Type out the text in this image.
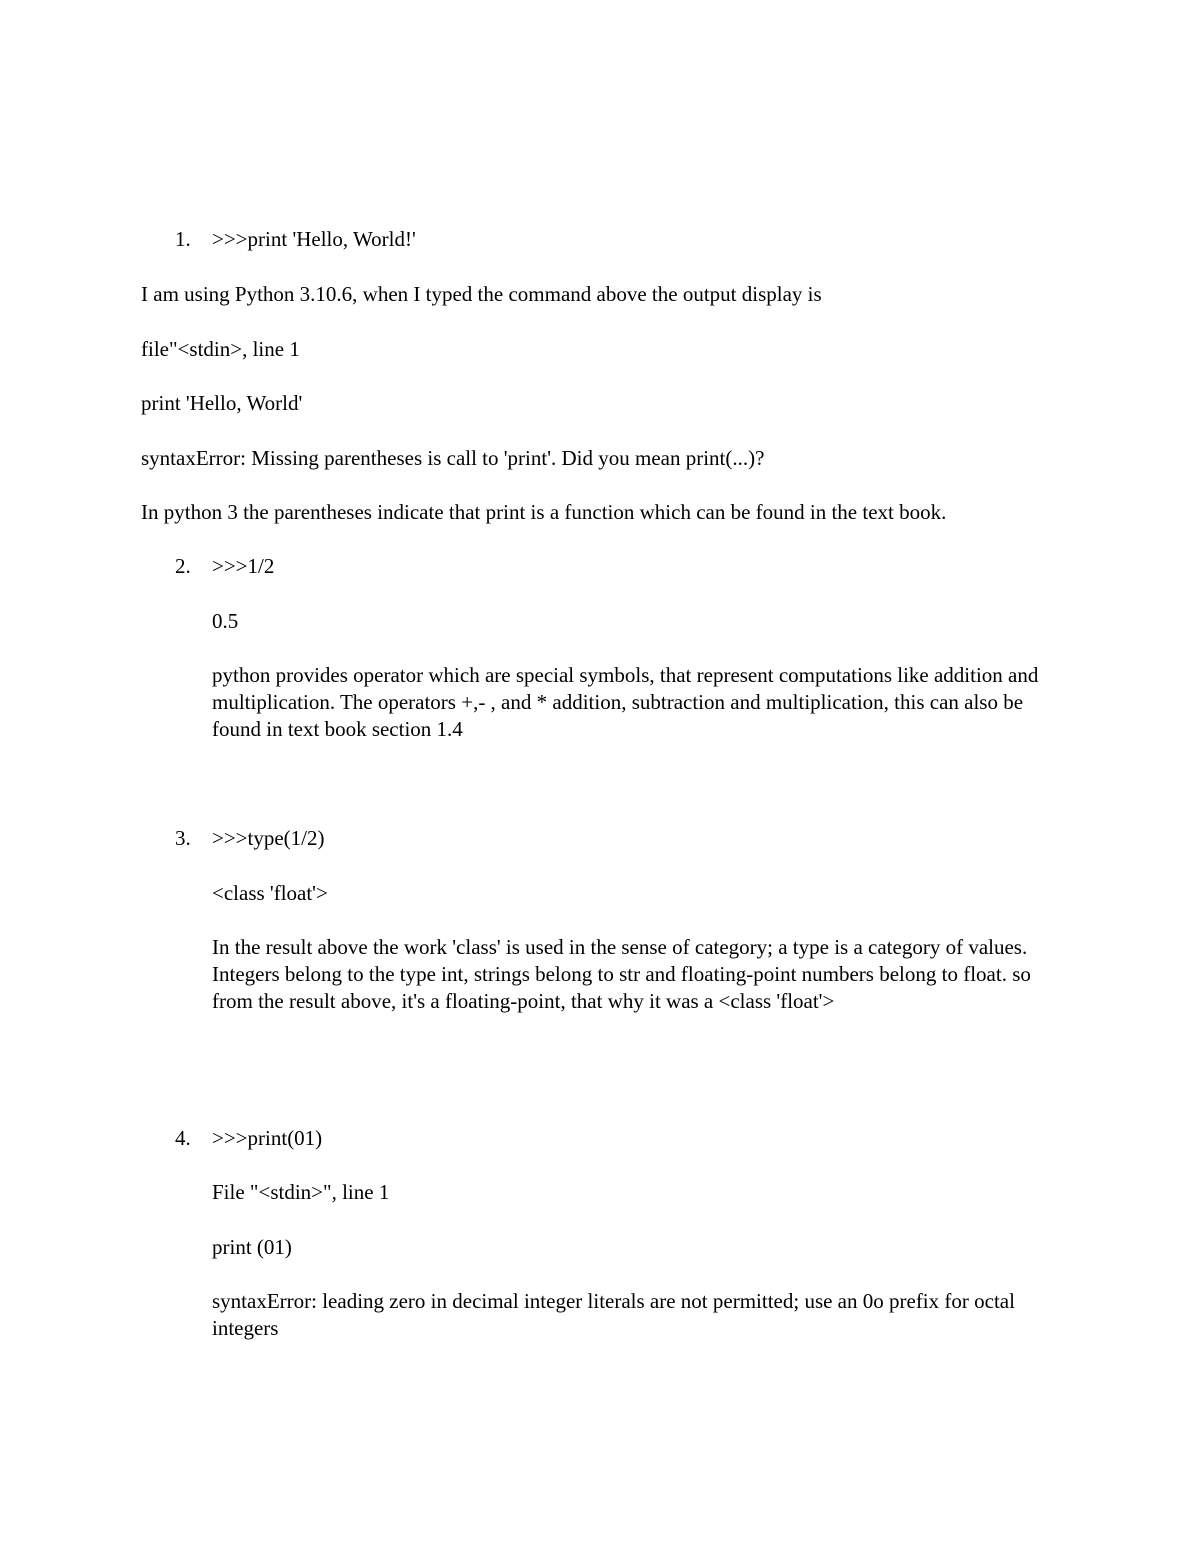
1. >>>print 'Hello, World!'
I am using Python 3.10.6, when I typed the command above the output display is
file"<stdin>, line 1
print 'Hello, World'
syntaxError: Missing parentheses is call to 'print'. Did you mean print(...)?
In python 3 the parentheses indicate that print is a function which can be found in the text book.
2. >>>1/2
0.5
python provides operator which are special symbols, that represent computations like addition and multiplication. The operators +,- , and * addition, subtraction and multiplication, this can also be found in text book section 1.4
3. >>>type(1/2)
<class 'float'>
In the result above the work 'class' is used in the sense of category; a type is a category of values. Integers belong to the type int, strings belong to str and floating-point numbers belong to float. so from the result above, it's a floating-point, that why it was a <class 'float'>
4. >>>print(01)
File "<stdin>", line 1
print (01)
syntaxError: leading zero in decimal integer literals are not permitted; use an 0o prefix for octal integers
